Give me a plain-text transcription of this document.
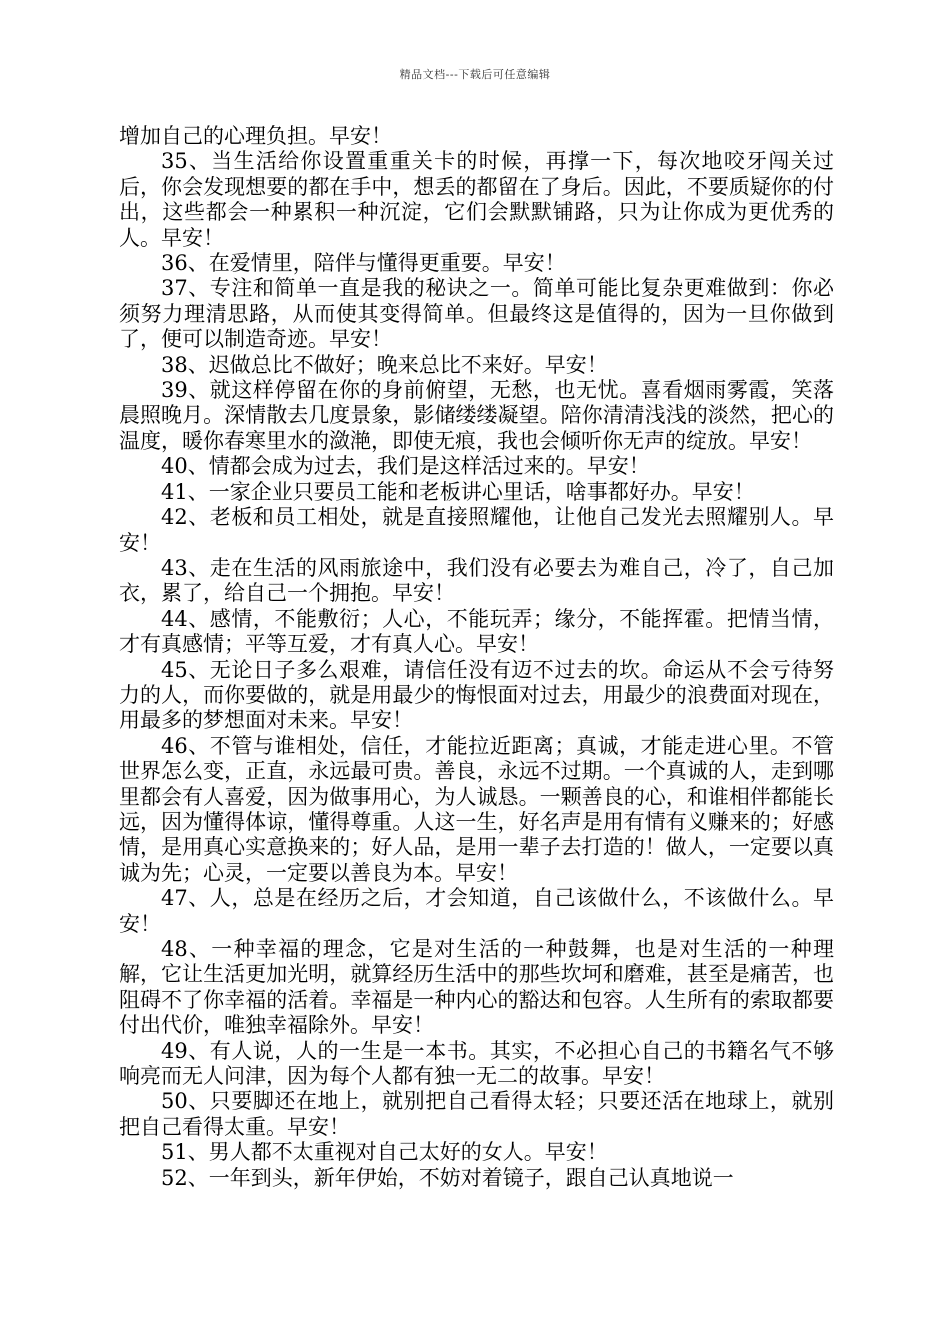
精品文档---下载后可任意编辑

增加自己的心理负担。早安！

35、当生活给你设置重重关卡的时候，再撑一下，每次地咬牙闯关过后，你会发现想要的都在手中，想丢的都留在了身后。因此，不要质疑你的付出，这些都会一种累积一种沉淀，它们会默默铺路，只为让你成为更优秀的人。早安！

36、在爱情里，陪伴与懂得更重要。早安！

37、专注和简单一直是我的秘诀之一。简单可能比复杂更难做到：你必须努力理清思路，从而使其变得简单。但最终这是值得的，因为一旦你做到了，便可以制造奇迹。早安！

38、迟做总比不做好；晚来总比不来好。早安！

39、就这样停留在你的身前俯望，无愁，也无忧。喜看烟雨雾霞，笑落晨照晚月。深情散去几度景象，影储缕缕凝望。陪你清清浅浅的淡然，把心的温度，暖你春寒里水的潋滟，即使无痕，我也会倾听你无声的绽放。早安！

40、情都会成为过去，我们是这样活过来的。早安！

41、一家企业只要员工能和老板讲心里话，啥事都好办。早安！

42、老板和员工相处，就是直接照耀他，让他自己发光去照耀别人。早安！

43、走在生活的风雨旅途中，我们没有必要去为难自己，冷了，自己加衣，累了，给自己一个拥抱。早安！

44、感情，不能敷衍；人心，不能玩弄；缘分，不能挥霍。把情当情，才有真感情；平等互爱，才有真人心。早安！

45、无论日子多么艰难，请信任没有迈不过去的坎。命运从不会亏待努力的人，而你要做的，就是用最少的悔恨面对过去，用最少的浪费面对现在，用最多的梦想面对未来。早安！

46、不管与谁相处，信任，才能拉近距离；真诚，才能走进心里。不管世界怎么变，正直，永远最可贵。善良，永远不过期。一个真诚的人，走到哪里都会有人喜爱，因为做事用心，为人诚恳。一颗善良的心，和谁相伴都能长远，因为懂得体谅，懂得尊重。人这一生，好名声是用有情有义赚来的；好感情，是用真心实意换来的；好人品，是用一辈子去打造的！做人，一定要以真诚为先；心灵，一定要以善良为本。早安！

47、人，总是在经历之后，才会知道，自己该做什么，不该做什么。早安！

48、一种幸福的理念，它是对生活的一种鼓舞，也是对生活的一种理解，它让生活更加光明，就算经历生活中的那些坎坷和磨难，甚至是痛苦，也阻碍不了你幸福的活着。幸福是一种内心的豁达和包容。人生所有的索取都要付出代价，唯独幸福除外。早安！

49、有人说，人的一生是一本书。其实，不必担心自己的书籍名气不够响亮而无人问津，因为每个人都有独一无二的故事。早安！

50、只要脚还在地上，就别把自己看得太轻；只要还活在地球上，就别把自己看得太重。早安！

51、男人都不太重视对自己太好的女人。早安！

52、一年到头，新年伊始，不妨对着镜子，跟自己认真地说一
